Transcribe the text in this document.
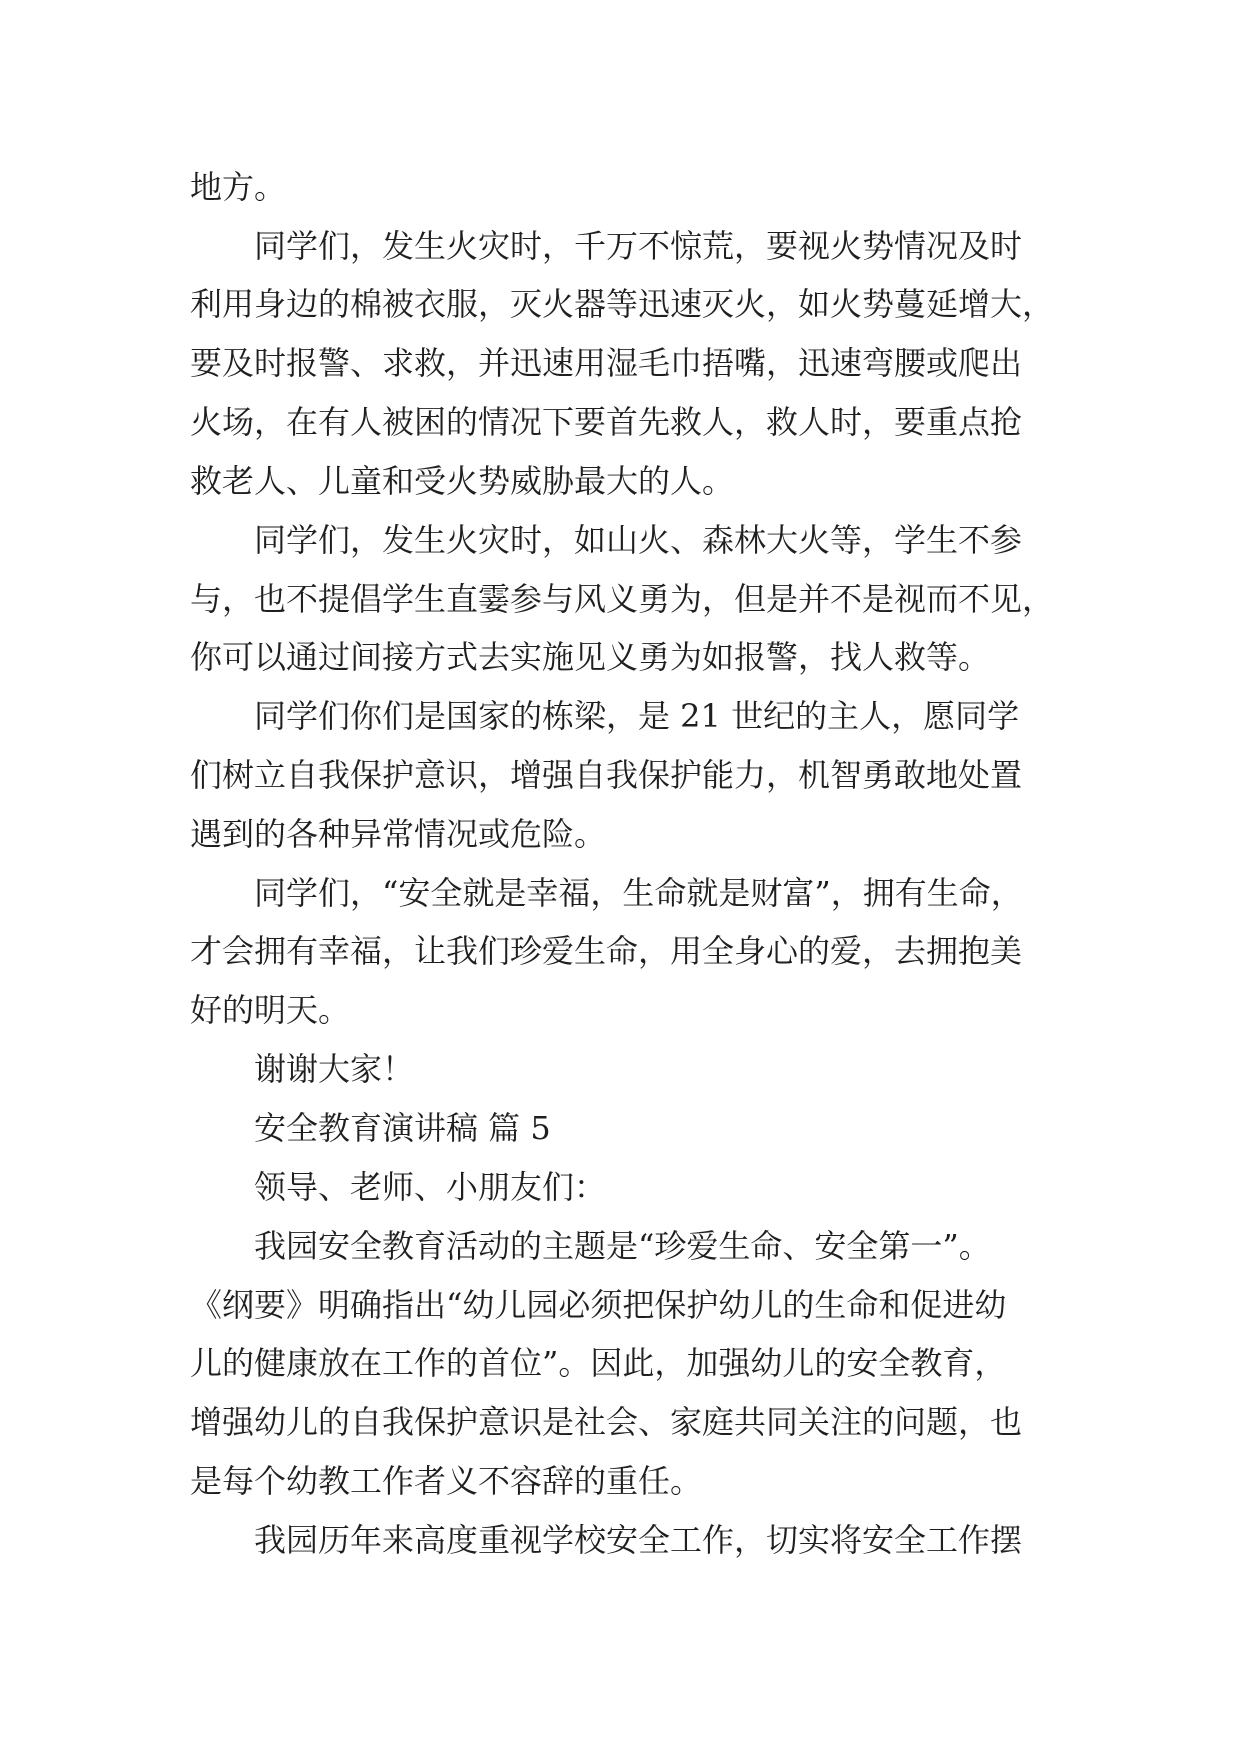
地方。
同学们，发生火灾时，千万不惊荒，要视火势情况及时
利用身边的棉被衣服，灭火器等迅速灭火，如火势蔓延增大，
要及时报警、求救，并迅速用湿毛巾捂嘴，迅速弯腰或爬出
火场，在有人被困的情况下要首先救人，救人时，要重点抢
救老人、儿童和受火势威胁最大的人。
同学们，发生火灾时，如山火、森林大火等，学生不参
与，也不提倡学生直霎参与风义勇为，但是并不是视而不见，
你可以通过间接方式去实施见义勇为如报警，找人救等。
同学们你们是国家的栋梁，是 21 世纪的主人，愿同学
们树立自我保护意识，增强自我保护能力，机智勇敢地处置
遇到的各种异常情况或危险。
同学们，“安全就是幸福，生命就是财富”，拥有生命，
才会拥有幸福，让我们珍爱生命，用全身心的爱，去拥抱美
好的明天。
谢谢大家！
安全教育演讲稿 篇 5
领导、老师、小朋友们：
我园安全教育活动的主题是“珍爱生命、安全第一”。
《纲要》明确指出“幼儿园必须把保护幼儿的生命和促进幼
儿的健康放在工作的首位”。因此，加强幼儿的安全教育，
增强幼儿的自我保护意识是社会、家庭共同关注的问题，也
是每个幼教工作者义不容辞的重任。
我园历年来高度重视学校安全工作，切实将安全工作摆
